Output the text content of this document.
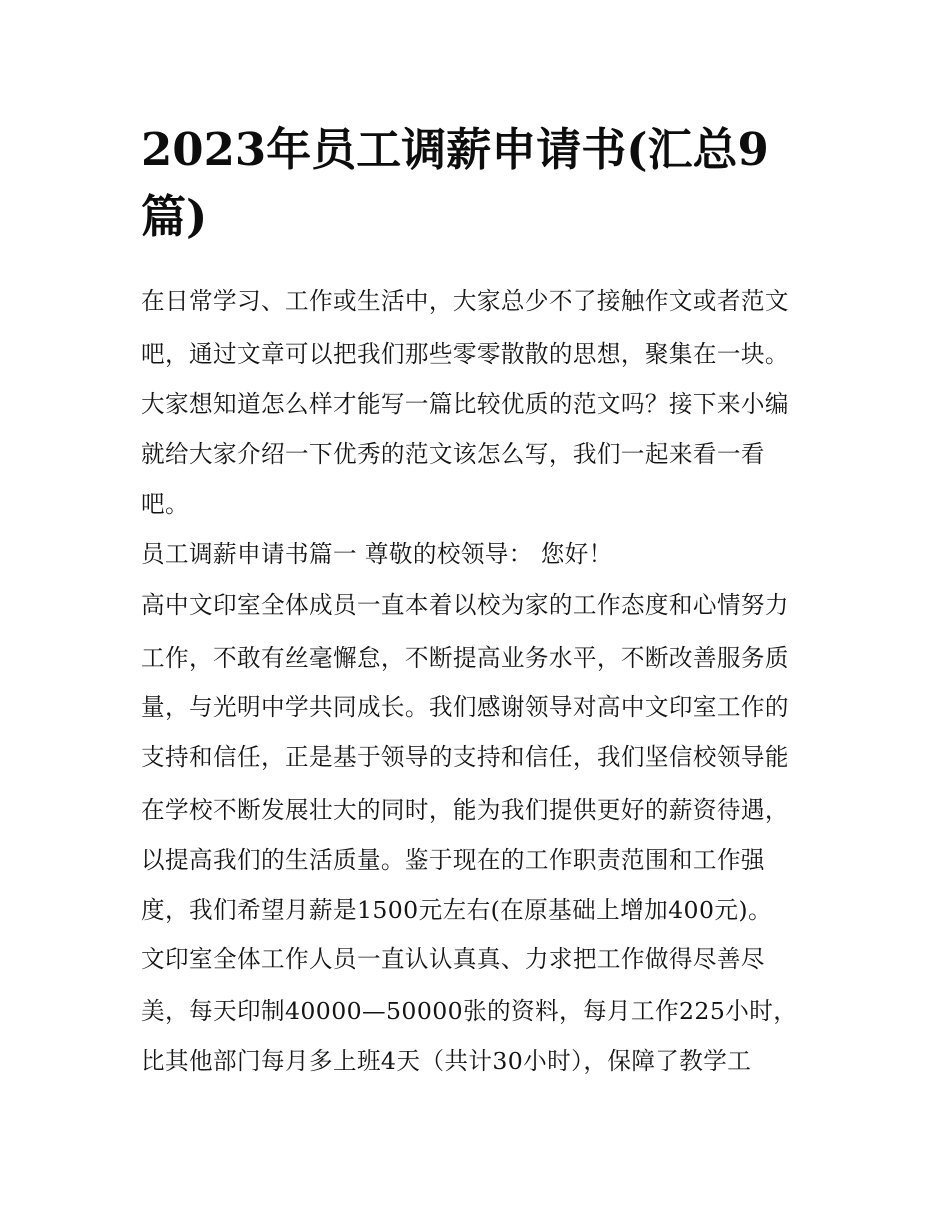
2023年员工调薪申请书(汇总9
篇)
在日常学习、工作或生活中，大家总少不了接触作文或者范文
吧，通过文章可以把我们那些零零散散的思想，聚集在一块。
大家想知道怎么样才能写一篇比较优质的范文吗？接下来小编
就给大家介绍一下优秀的范文该怎么写，我们一起来看一看
吧。
员工调薪申请书篇一 尊敬的校领导： 您好！
高中文印室全体成员一直本着以校为家的工作态度和心情努力
工作，不敢有丝毫懈怠，不断提高业务水平，不断改善服务质
量，与光明中学共同成长。我们感谢领导对高中文印室工作的
支持和信任，正是基于领导的支持和信任，我们坚信校领导能
在学校不断发展壮大的同时，能为我们提供更好的薪资待遇，
以提高我们的生活质量。鉴于现在的工作职责范围和工作强
度，我们希望月薪是1500元左右(在原基础上增加400元)。
文印室全体工作人员一直认认真真、力求把工作做得尽善尽
美，每天印制40000—50000张的资料，每月工作225小时，
比其他部门每月多上班4天（共计30小时），保障了教学工
